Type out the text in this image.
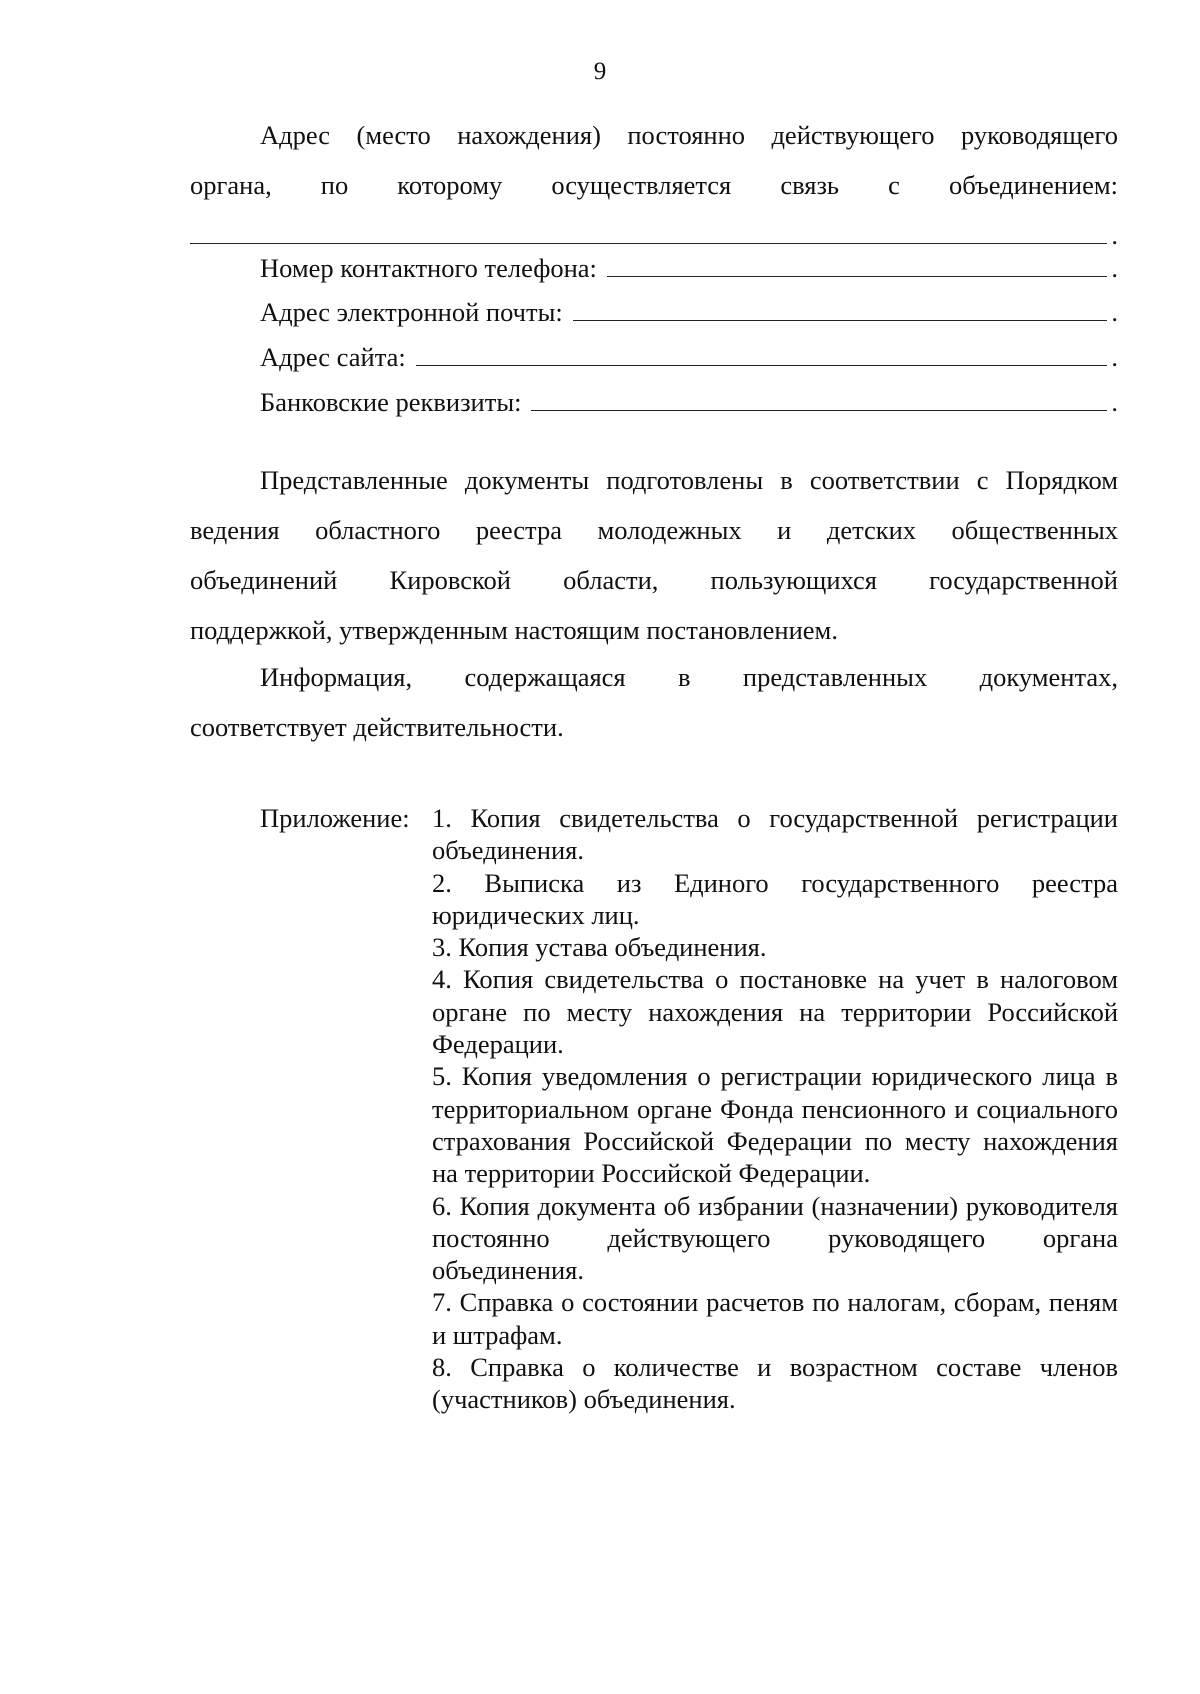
9
Адрес (место нахождения) постоянно действующего руководящего
органа, по которому осуществляется связь с объединением:
.
Номер контактного телефона:	.
Адрес электронной почты:	.
Адрес сайта:	.
Банковские реквизиты:	.
Представленные документы подготовлены в соответствии с Порядком
ведения областного реестра молодежных и детских общественных
объединений Кировской области, пользующихся государственной
поддержкой, утвержденным настоящим постановлением.
Информация, содержащаяся в представленных документах,
соответствует действительности.
Приложение: 1. Копия свидетельства о государственной регистрации объединения.

2. Выписка из Единого государственного реестра юридических лиц.

3. Копия устава объединения.

4. Копия свидетельства о постановке на учет в налоговом органе по месту нахождения на территории Российской Федерации.

5. Копия уведомления о регистрации юридического лица в территориальном органе Фонда пенсионного и социального страхования Российской Федерации по месту нахождения на территории Российской Федерации.

6. Копия документа об избрании (назначении) руководителя постоянно действующего руководящего органа объединения.

7. Справка о состоянии расчетов по налогам, сборам, пеням и штрафам.

8. Справка о количестве и возрастном составе членов (участников) объединения.
